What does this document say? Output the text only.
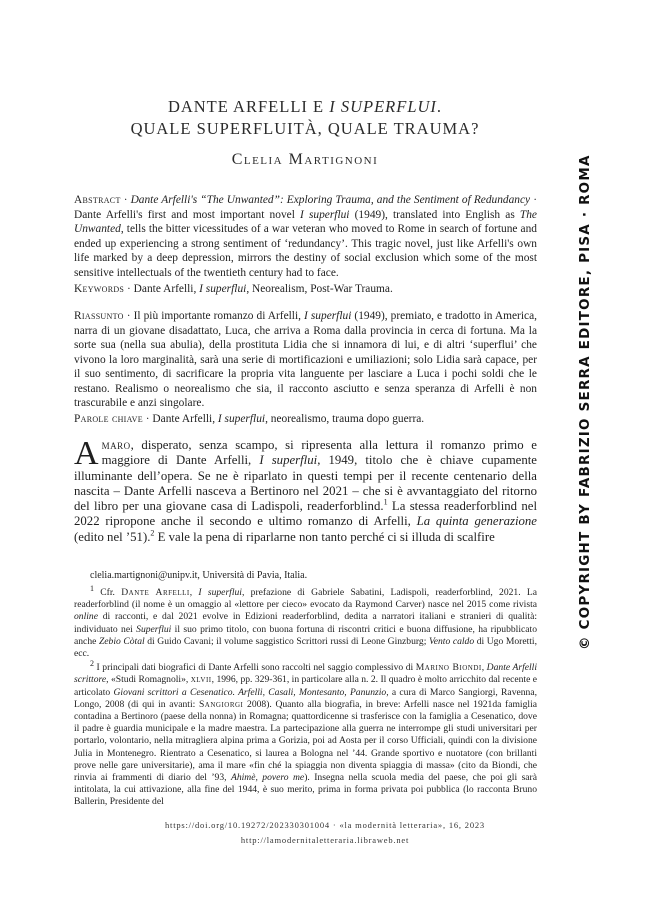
DANTE ARFELLI E I SUPERFLUI.
QUALE SUPERFLUITÀ, QUALE TRAUMA?
Clelia Martignoni
Abstract · Dante Arfelli's “The Unwanted”: Exploring Trauma, and the Sentiment of Redundancy · Dante Arfelli's first and most important novel I superflui (1949), translated into English as The Unwanted, tells the bitter vicessitudes of a war veteran who moved to Rome in search of fortune and ended up experiencing a strong sentiment of ‘redundancy’. This tragic novel, just like Arfelli's own life marked by a deep depression, mirrors the destiny of social exclusion which some of the most sensitive intellectuals of the twentieth century had to face.
Keywords · Dante Arfelli, I superflui, Neorealism, Post-War Trauma.
Riassunto · Il più importante romanzo di Arfelli, I superflui (1949), premiato, e tradotto in America, narra di un giovane disadattato, Luca, che arriva a Roma dalla provincia in cerca di fortuna. Ma la sorte sua (nella sua abulia), della prostituta Lidia che si innamora di lui, e di altri ‘superflui’ che vivono la loro marginalità, sarà una serie di mortificazioni e umiliazioni; solo Lidia sarà capace, per il suo sentimento, di sacrificare la propria vita languente per lasciare a Luca i pochi soldi che le restano. Realismo o neorealismo che sia, il racconto asciutto e senza speranza di Arfelli è non trascurabile e anzi singolare.
Parole chiave · Dante Arfelli, I superflui, neorealismo, trauma dopo guerra.
Amaro, disperato, senza scampo, si ripresenta alla lettura il romanzo primo e maggiore di Dante Arfelli, I superflui, 1949, titolo che è chiave cupamente illuminante dell’opera. Se ne è riparlato in questi tempi per il recente centenario della nascita – Dante Arfelli nasceva a Bertinoro nel 2021 – che si è avvantaggiato del ritorno del libro per una giovane casa di Ladispoli, readerforblind.$^1$ La stessa readerforblind nel 2022 ripropone anche il secondo e ultimo romanzo di Arfelli, La quinta generazione (edito nel ’51).$^2$ E vale la pena di riparlarne non tanto perché ci si illuda di scalfire
clelia.martignoni@unipv.it, Università di Pavia, Italia.

$^1$ Cfr. Dante Arfelli, I superflui, prefazione di Gabriele Sabatini, Ladispoli, readerforblind, 2021. La readerforblind (il nome è un omaggio al «lettore per cieco» evocato da Raymond Carver) nasce nel 2015 come rivista online di racconti, e dal 2021 evolve in Edizioni readerforblind, dedita a narratori italiani e stranieri di qualità: individuato nei Superflui il suo primo titolo, con buona fortuna di riscontri critici e buona diffusione, ha ripubblicato anche Zebio Còtal di Guido Cavani; il volume saggistico Scrittori russi di Leone Ginzburg; Vento caldo di Ugo Moretti, ecc.

$^2$ I principali dati biografici di Dante Arfelli sono raccolti nel saggio complessivo di Marino Biondi, Dante Arfelli scrittore, «Studi Romagnoli», xlvii, 1996, pp. 329-361, in particolare alla n. 2. Il quadro è molto arricchito dal recente e articolato Giovani scrittori a Cesenatico. Arfelli, Casali, Montesanto, Panunzio, a cura di Marco Sangiorgi, Ravenna, Longo, 2008 (di qui in avanti: Sangiorgi 2008). Quanto alla biografia, in breve: Arfelli nasce nel 1921da famiglia contadina a Bertinoro (paese della nonna) in Romagna; quattordicenne si trasferisce con la famiglia a Cesenatico, dove il padre è guardia municipale e la madre maestra. La partecipazione alla guerra ne interrompe gli studi universitari per portarlo, volontario, nella mitragliera alpina prima a Gorizia, poi ad Aosta per il corso Ufficiali, quindi con la divisione Julia in Montenegro. Rientrato a Cesenatico, si laurea a Bologna nel ’44. Grande sportivo e nuotatore (con brillanti prove nelle gare universitarie), ama il mare «fin ché la spiaggia non diventa spiaggia di massa» (cito da Biondi, che rinvia ai frammenti di diario del ’93, Ahimè, povero me). Insegna nella scuola media del paese, che poi gli sarà intitolata, la cui attivazione, alla fine del 1944, è suo merito, prima in forma privata poi pubblica (lo racconta Bruno Ballerin, Presidente del

https://doi.org/10.19272/202330301004 · «la modernità letteraria», 16, 2023
http://lamodernitaletteraria.libraweb.net
© COPYRIGHT BY FABRIZIO SERRA EDITORE, PISA · ROMA
